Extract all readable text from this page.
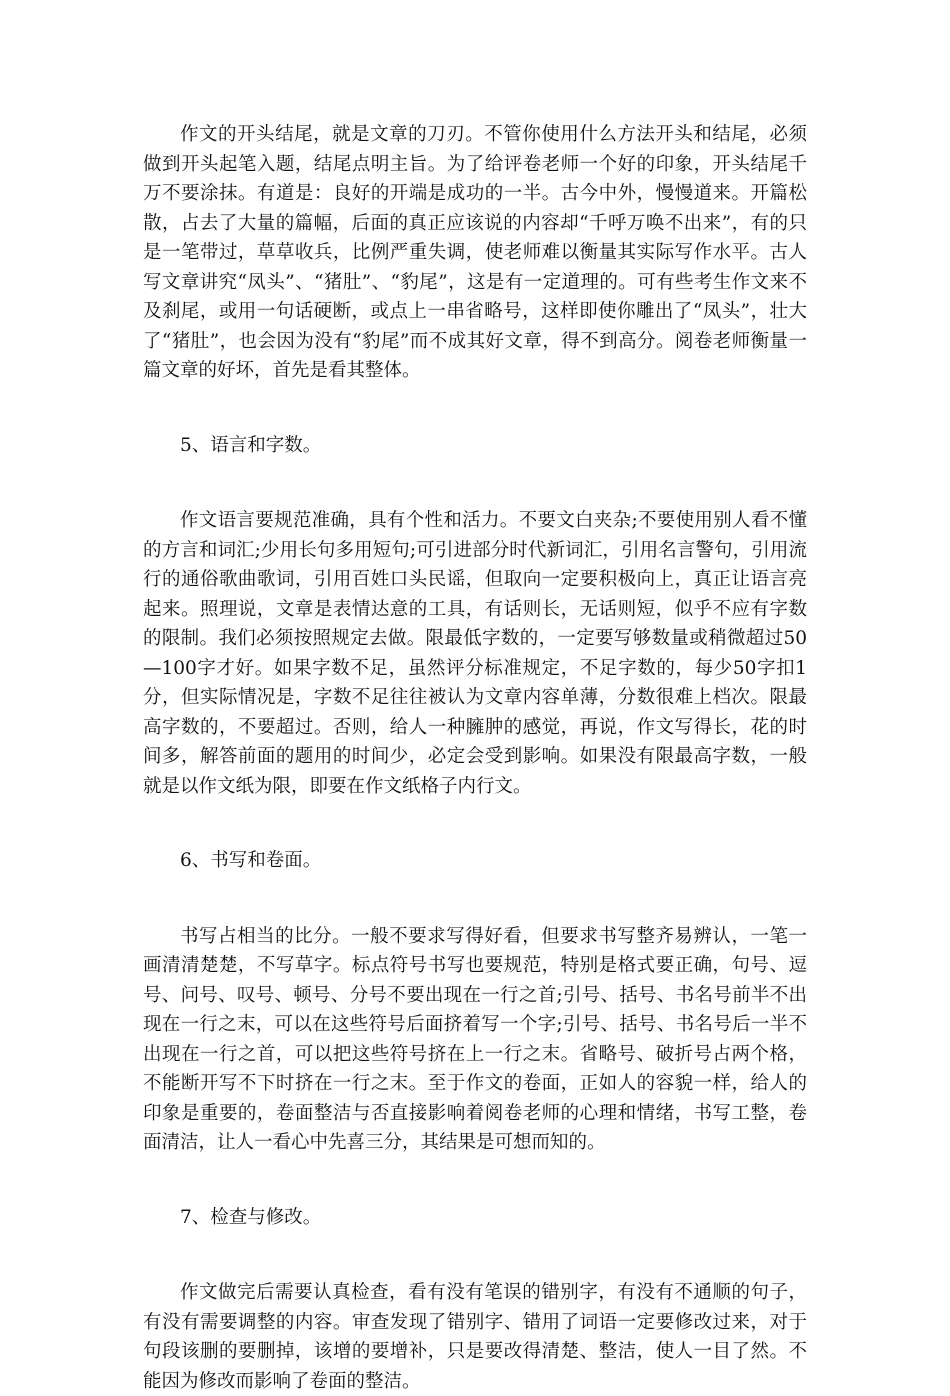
作文的开头结尾，就是文章的刀刃。不管你使用什么方法开头和结尾，必须做到开头起笔入题，结尾点明主旨。为了给评卷老师一个好的印象，开头结尾千万不要涂抹。有道是：良好的开端是成功的一半。古今中外，慢慢道来。开篇松散，占去了大量的篇幅，后面的真正应该说的内容却“千呼万唤不出来”，有的只是一笔带过，草草收兵，比例严重失调，使老师难以衡量其实际写作水平。古人写文章讲究“凤头”、“猪肚”、“豹尾”，这是有一定道理的。可有些考生作文来不及刹尾，或用一句话硬断，或点上一串省略号，这样即使你雕出了“凤头”，壮大了“猪肚”，也会因为没有“豹尾”而不成其好文章，得不到高分。阅卷老师衡量一篇文章的好坏，首先是看其整体。

5、语言和字数。

作文语言要规范准确，具有个性和活力。不要文白夹杂;不要使用别人看不懂的方言和词汇;少用长句多用短句;可引进部分时代新词汇，引用名言警句，引用流行的通俗歌曲歌词，引用百姓口头民谣，但取向一定要积极向上，真正让语言亮起来。照理说，文章是表情达意的工具，有话则长，无话则短，似乎不应有字数的限制。我们必须按照规定去做。限最低字数的，一定要写够数量或稍微超过50—100字才好。如果字数不足，虽然评分标准规定，不足字数的，每少50字扣1分，但实际情况是，字数不足往往被认为文章内容单薄，分数很难上档次。限最高字数的，不要超过。否则，给人一种臃肿的感觉，再说，作文写得长，花的时间多，解答前面的题用的时间少，必定会受到影响。如果没有限最高字数，一般就是以作文纸为限，即要在作文纸格子内行文。

6、书写和卷面。

书写占相当的比分。一般不要求写得好看，但要求书写整齐易辨认，一笔一画清清楚楚，不写草字。标点符号书写也要规范，特别是格式要正确，句号、逗号、问号、叹号、顿号、分号不要出现在一行之首;引号、括号、书名号前半不出现在一行之末，可以在这些符号后面挤着写一个字;引号、括号、书名号后一半不出现在一行之首，可以把这些符号挤在上一行之末。省略号、破折号占两个格，不能断开写不下时挤在一行之末。至于作文的卷面，正如人的容貌一样，给人的印象是重要的，卷面整洁与否直接影响着阅卷老师的心理和情绪，书写工整，卷面清洁，让人一看心中先喜三分，其结果是可想而知的。

7、检查与修改。

作文做完后需要认真检查，看有没有笔误的错别字，有没有不通顺的句子，有没有需要调整的内容。审查发现了错别字、错用了词语一定要修改过来，对于句段该删的要删掉，该增的要增补，只是要改得清楚、整洁，使人一目了然。不能因为修改而影响了卷面的整洁。
